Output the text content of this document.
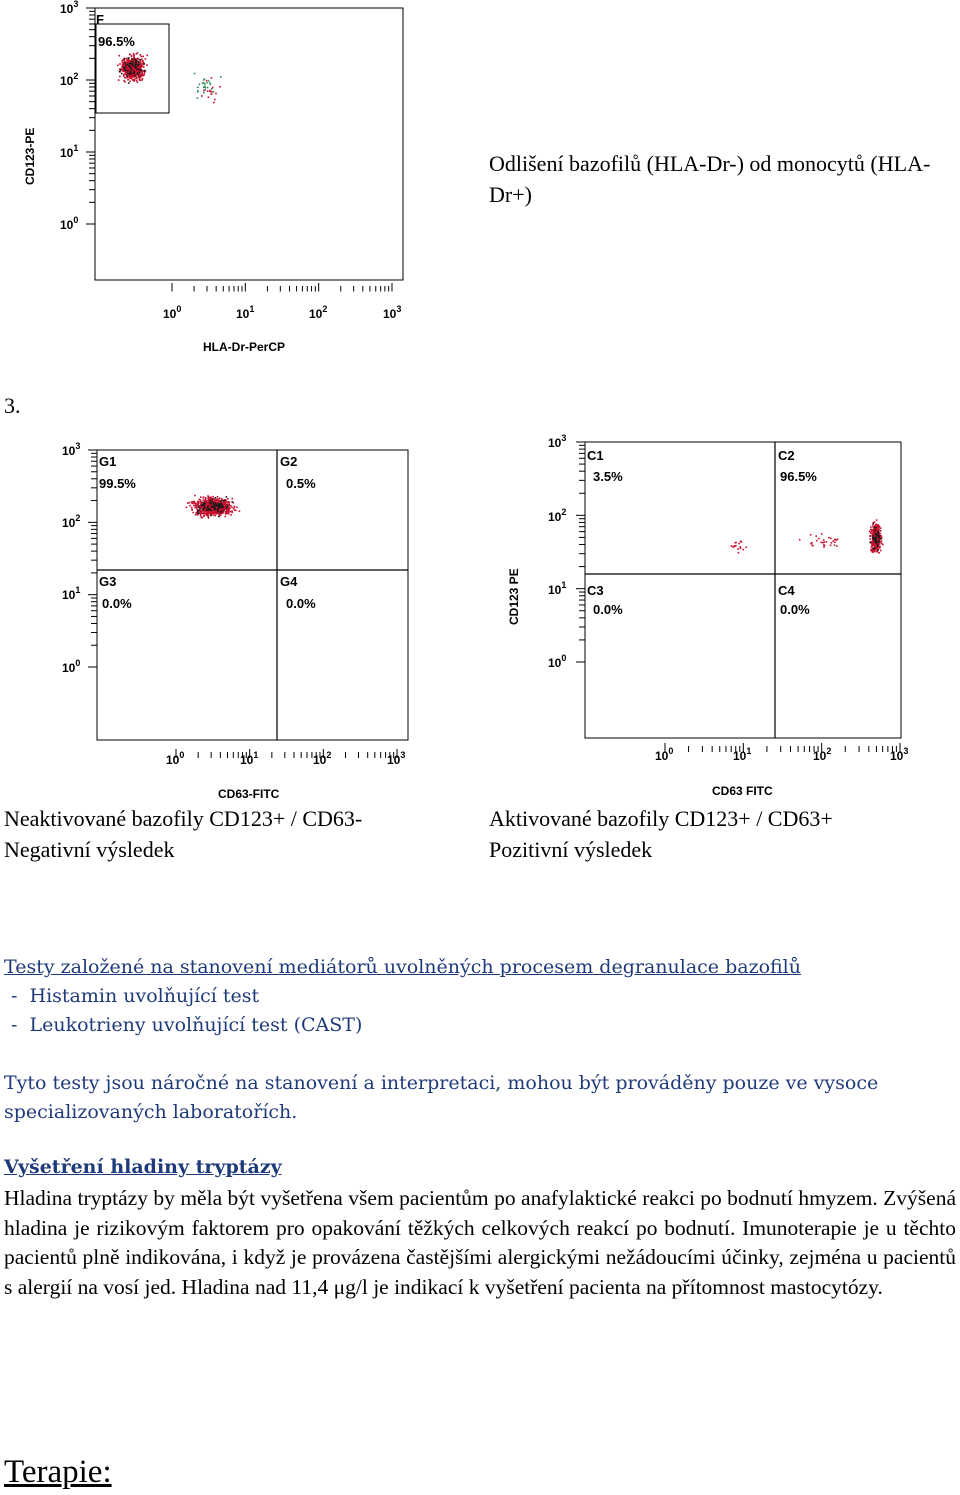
$10^3$
$10^2$
$10^1$
$10^0$
$10^0$	$10^1$	$10^2$	$10^3$
HLA-Dr-PerCP
CD123-PE
F
96.5%
Odlišení bazofilů (HLA-Dr-) od monocytů (HLA-Dr+)
3.
$10^3$
$10^2$
$10^1$
$10^0$
$10^0$	$10^1$	$10^2$	$10^3$
G1
99.5%
G2
0.5%
G3
0.0%
G4
0.0%
CD63-FITC
$10^3$
$10^2$
$10^1$
$10^0$
$10^0$	$10^1$	$10^2$	$10^3$
CD123 PE
C1
3.5%
C2
96.5%
C3
0.0%
C4
0.0%
CD63 FITC
Neaktivované bazofily CD123+ / CD63-
Negativní výsledek
Aktivované bazofily CD123+ / CD63+
Pozitivní výsledek
Testy založené na stanovení mediátorů uvolněných procesem degranulace bazofilů
-  Histamin uvolňující test
-  Leukotrieny uvolňující test (CAST)
Tyto testy jsou náročné na stanovení a interpretaci, mohou být prováděny pouze ve vysoce specializovaných laboratořích.
Vyšetření hladiny tryptázy
Hladina tryptázy by měla být vyšetřena všem pacientům po anafylaktické reakci po bodnutí hmyzem. Zvýšená hladina je rizikovým faktorem pro opakování těžkých celkových reakcí po bodnutí. Imunoterapie je u těchto pacientů plně indikována, i když je provázena častějšími alergickými nežádoucími účinky, zejména u pacientů s alergií na vosí jed. Hladina nad 11,4 μg/l je indikací k vyšetření pacienta na přítomnost mastocytózy.
Terapie:
